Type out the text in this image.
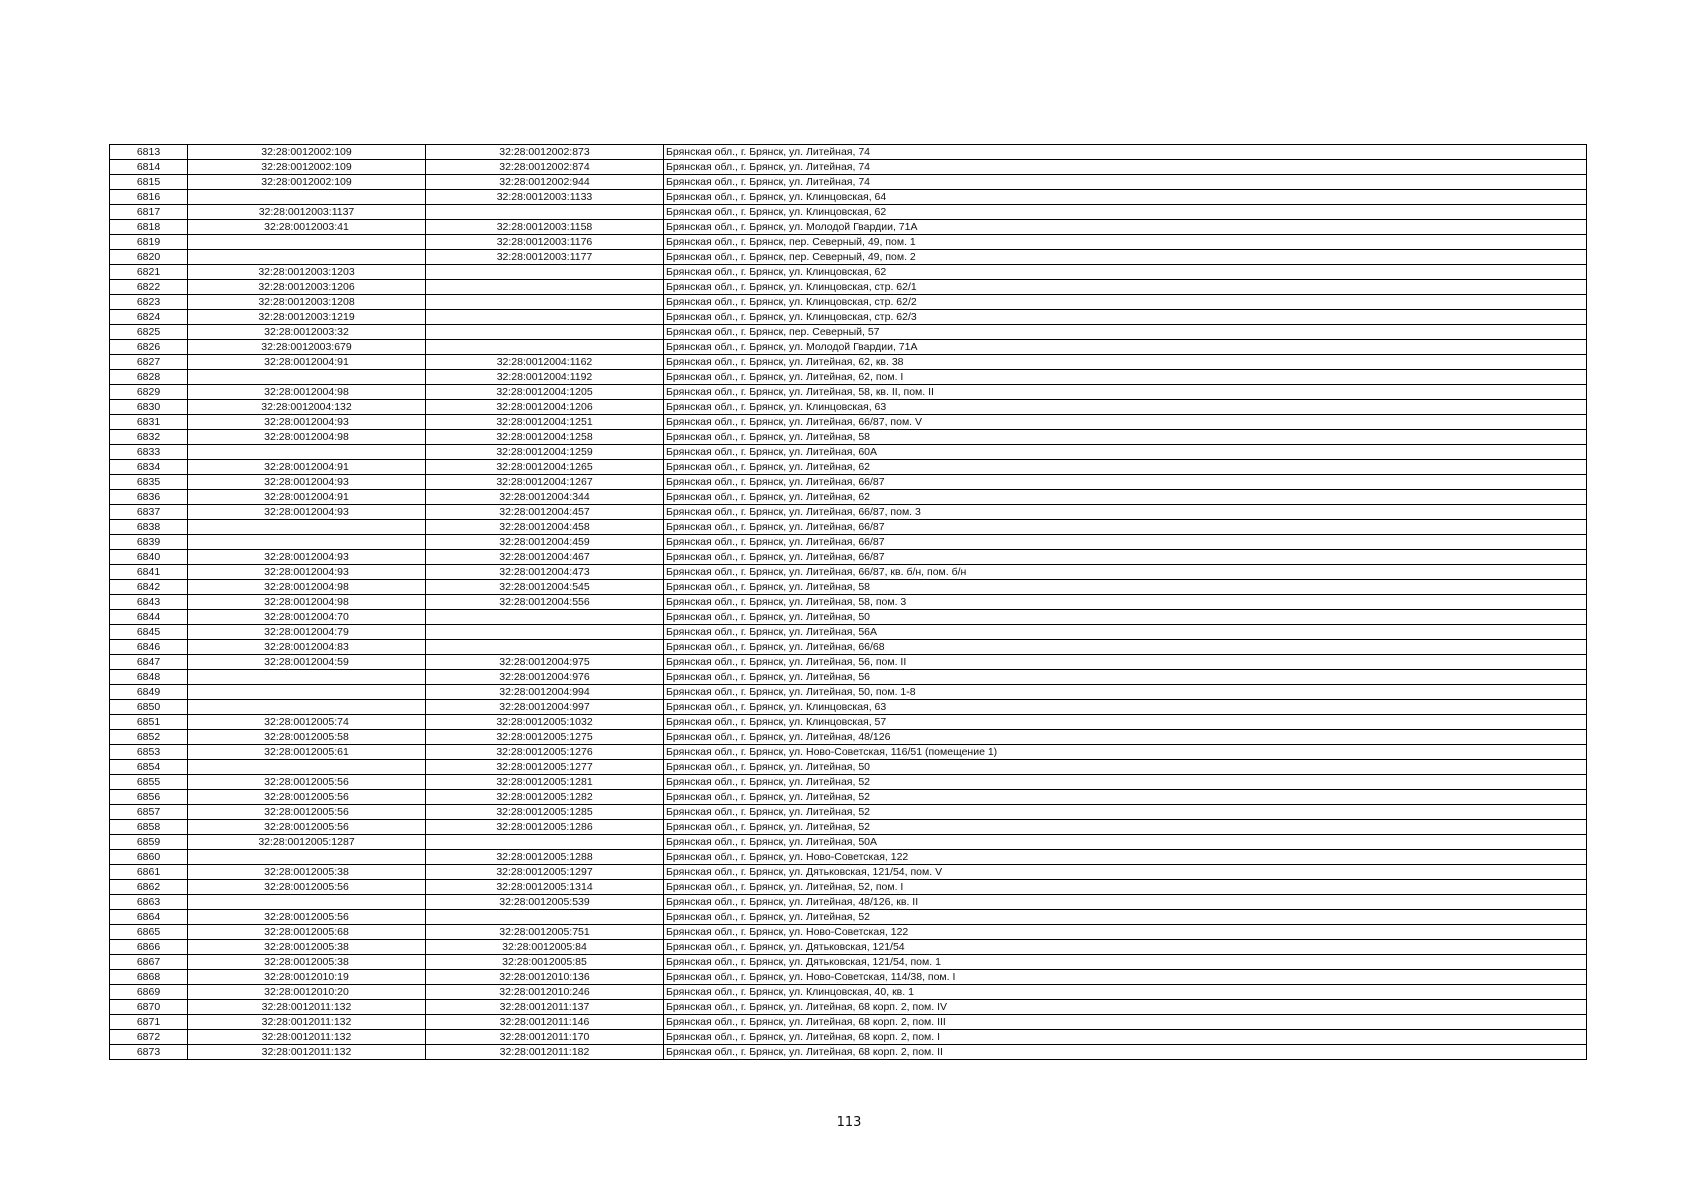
6813	32:28:0012002:109	32:28:0012002:873	Брянская обл., г. Брянск, ул. Литейная, 74
6814	32:28:0012002:109	32:28:0012002:874	Брянская обл., г. Брянск, ул. Литейная, 74
6815	32:28:0012002:109	32:28:0012002:944	Брянская обл., г. Брянск, ул. Литейная, 74
6816		32:28:0012003:1133	Брянская обл., г. Брянск, ул. Клинцовская, 64
6817	32:28:0012003:1137		Брянская обл., г. Брянск, ул. Клинцовская, 62
6818	32:28:0012003:41	32:28:0012003:1158	Брянская обл., г. Брянск, ул. Молодой Гвардии, 71А
6819		32:28:0012003:1176	Брянская обл., г. Брянск, пер. Северный, 49, пом. 1
6820		32:28:0012003:1177	Брянская обл., г. Брянск, пер. Северный, 49, пом. 2
6821	32:28:0012003:1203		Брянская обл., г. Брянск, ул. Клинцовская, 62
6822	32:28:0012003:1206		Брянская обл., г. Брянск, ул. Клинцовская, стр. 62/1
6823	32:28:0012003:1208		Брянская обл., г. Брянск, ул. Клинцовская, стр. 62/2
6824	32:28:0012003:1219		Брянская обл., г. Брянск, ул. Клинцовская, стр. 62/3
6825	32:28:0012003:32		Брянская обл., г. Брянск, пер. Северный, 57
6826	32:28:0012003:679		Брянская обл., г. Брянск, ул. Молодой Гвардии, 71А
6827	32:28:0012004:91	32:28:0012004:1162	Брянская обл., г. Брянск, ул. Литейная, 62, кв. 38
6828		32:28:0012004:1192	Брянская обл., г. Брянск, ул. Литейная, 62, пом. I
6829	32:28:0012004:98	32:28:0012004:1205	Брянская обл., г. Брянск, ул. Литейная, 58, кв. II, пом. II
6830	32:28:0012004:132	32:28:0012004:1206	Брянская обл., г. Брянск, ул. Клинцовская, 63
6831	32:28:0012004:93	32:28:0012004:1251	Брянская обл., г. Брянск, ул. Литейная, 66/87, пом. V
6832	32:28:0012004:98	32:28:0012004:1258	Брянская обл., г. Брянск, ул. Литейная, 58
6833		32:28:0012004:1259	Брянская обл., г. Брянск, ул. Литейная, 60А
6834	32:28:0012004:91	32:28:0012004:1265	Брянская обл., г. Брянск, ул. Литейная, 62
6835	32:28:0012004:93	32:28:0012004:1267	Брянская обл., г. Брянск, ул. Литейная, 66/87
6836	32:28:0012004:91	32:28:0012004:344	Брянская обл., г. Брянск, ул. Литейная, 62
6837	32:28:0012004:93	32:28:0012004:457	Брянская обл., г. Брянск, ул. Литейная, 66/87, пом. 3
6838		32:28:0012004:458	Брянская обл., г. Брянск, ул. Литейная, 66/87
6839		32:28:0012004:459	Брянская обл., г. Брянск, ул. Литейная, 66/87
6840	32:28:0012004:93	32:28:0012004:467	Брянская обл., г. Брянск, ул. Литейная, 66/87
6841	32:28:0012004:93	32:28:0012004:473	Брянская обл., г. Брянск, ул. Литейная, 66/87, кв. б/н, пом. б/н
6842	32:28:0012004:98	32:28:0012004:545	Брянская обл., г. Брянск, ул. Литейная, 58
6843	32:28:0012004:98	32:28:0012004:556	Брянская обл., г. Брянск, ул. Литейная, 58, пом. 3
6844	32:28:0012004:70		Брянская обл., г. Брянск, ул. Литейная, 50
6845	32:28:0012004:79		Брянская обл., г. Брянск, ул. Литейная, 56А
6846	32:28:0012004:83		Брянская обл., г. Брянск, ул. Литейная, 66/68
6847	32:28:0012004:59	32:28:0012004:975	Брянская обл., г. Брянск, ул. Литейная, 56, пом. II
6848		32:28:0012004:976	Брянская обл., г. Брянск, ул. Литейная, 56
6849		32:28:0012004:994	Брянская обл., г. Брянск, ул. Литейная, 50, пом. 1-8
6850		32:28:0012004:997	Брянская обл., г. Брянск, ул. Клинцовская, 63
6851	32:28:0012005:74	32:28:0012005:1032	Брянская обл., г. Брянск, ул. Клинцовская, 57
6852	32:28:0012005:58	32:28:0012005:1275	Брянская обл., г. Брянск, ул. Литейная, 48/126
6853	32:28:0012005:61	32:28:0012005:1276	Брянская обл., г. Брянск, ул. Ново-Советская, 116/51 (помещение 1)
6854		32:28:0012005:1277	Брянская обл., г. Брянск, ул. Литейная, 50
6855	32:28:0012005:56	32:28:0012005:1281	Брянская обл., г. Брянск, ул. Литейная, 52
6856	32:28:0012005:56	32:28:0012005:1282	Брянская обл., г. Брянск, ул. Литейная, 52
6857	32:28:0012005:56	32:28:0012005:1285	Брянская обл., г. Брянск, ул. Литейная, 52
6858	32:28:0012005:56	32:28:0012005:1286	Брянская обл., г. Брянск, ул. Литейная, 52
6859	32:28:0012005:1287		Брянская обл., г. Брянск, ул. Литейная, 50А
6860		32:28:0012005:1288	Брянская обл., г. Брянск, ул. Ново-Советская, 122
6861	32:28:0012005:38	32:28:0012005:1297	Брянская обл., г. Брянск, ул. Дятьковская, 121/54, пом. V
6862	32:28:0012005:56	32:28:0012005:1314	Брянская обл., г. Брянск, ул. Литейная, 52, пом. I
6863		32:28:0012005:539	Брянская обл., г. Брянск, ул. Литейная, 48/126, кв. II
6864	32:28:0012005:56		Брянская обл., г. Брянск, ул. Литейная, 52
6865	32:28:0012005:68	32:28:0012005:751	Брянская обл., г. Брянск, ул. Ново-Советская, 122
6866	32:28:0012005:38	32:28:0012005:84	Брянская обл., г. Брянск, ул. Дятьковская, 121/54
6867	32:28:0012005:38	32:28:0012005:85	Брянская обл., г. Брянск, ул. Дятьковская, 121/54, пом. 1
6868	32:28:0012010:19	32:28:0012010:136	Брянская обл., г. Брянск, ул. Ново-Советская, 114/38, пом. I
6869	32:28:0012010:20	32:28:0012010:246	Брянская обл., г. Брянск, ул. Клинцовская, 40, кв. 1
6870	32:28:0012011:132	32:28:0012011:137	Брянская обл., г. Брянск, ул. Литейная, 68 корп. 2, пом. IV
6871	32:28:0012011:132	32:28:0012011:146	Брянская обл., г. Брянск, ул. Литейная, 68 корп. 2, пом. III
6872	32:28:0012011:132	32:28:0012011:170	Брянская обл., г. Брянск, ул. Литейная, 68 корп. 2, пом. I
6873	32:28:0012011:132	32:28:0012011:182	Брянская обл., г. Брянск, ул. Литейная, 68 корп. 2, пом. II
113
